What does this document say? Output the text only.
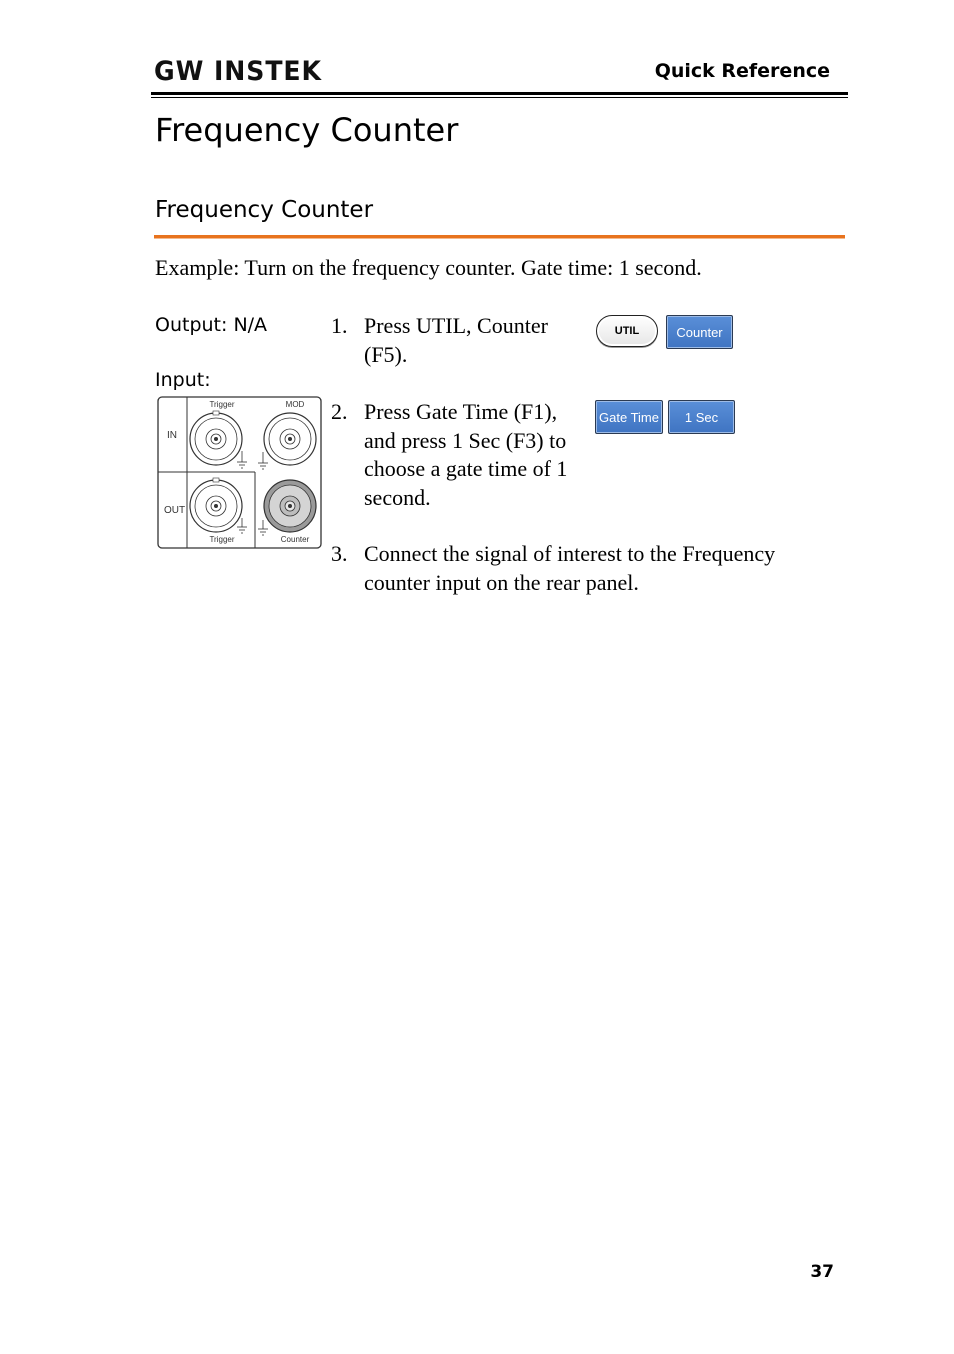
GW INSTEK	Quick Reference
Frequency Counter
Frequency Counter
Example: Turn on the frequency counter. Gate time: 1 second.
Output: N/A
Input:
1. Press UTIL, Counter (F5).
2. Press Gate Time (F1), and press 1 Sec (F3) to choose a gate time of 1 second.
3. Connect the signal of interest to the Frequency counter input on the rear panel.
UTIL	Counter
Gate Time	1 Sec
IN
OUT
Trigger	MOD
Trigger	Counter
37
